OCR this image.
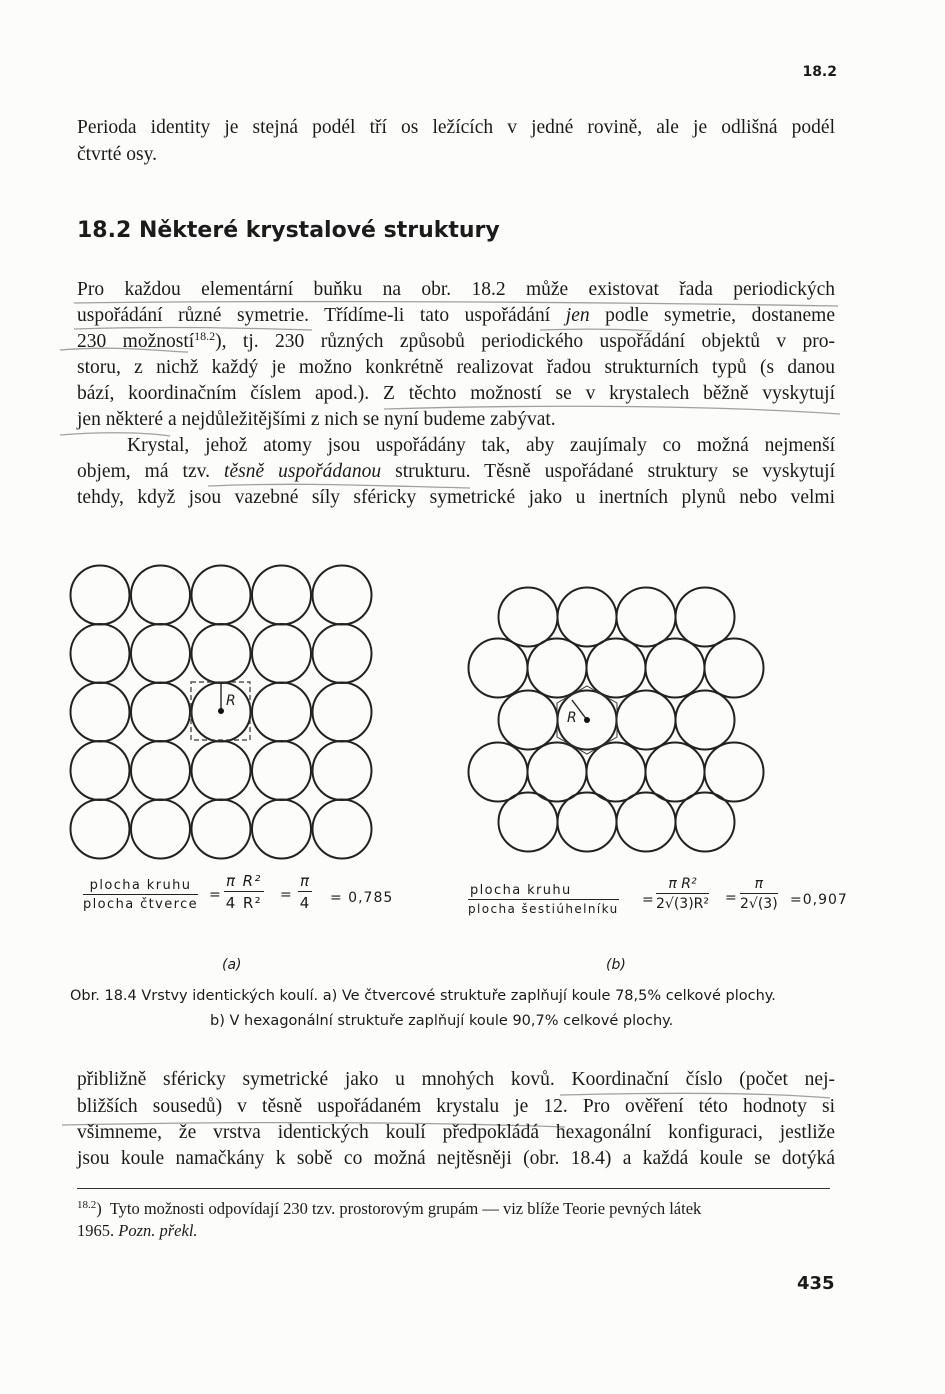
18.2
Perioda identity je stejná podél tří os ležících v jedné rovině, ale je odlišná podél
čtvrté osy.
18.2 Některé krystalové struktury
Pro každou elementární buňku na obr. 18.2 může existovat řada periodických
uspořádání různé symetrie. Třídíme-li tato uspořádání jen podle symetrie, dostaneme
230 možností$^{18.2}$), tj. 230 různých způsobů periodického uspořádání objektů v pro-
storu, z nichž každý je možno konkrétně realizovat řadou strukturních typů (s danou
bází, koordinačním číslem apod.). Z těchto možností se v krystalech běžně vyskytují
jen některé a nejdůležitějšími z nich se nyní budeme zabývat.
Krystal, jehož atomy jsou uspořádány tak, aby zaujímaly co možná nejmenší
objem, má tzv. těsně uspořádanou strukturu. Těsně uspořádané struktury se vyskytují
tehdy, když jsou vazebné síly sféricky symetrické jako u inertních plynů nebo velmi
R
R
plocha kruhu
plocha čtverce
= $\frac{\text{π R²}}{\text{4 R²}} = \frac{\pi}{4} = 0,785$
(a)
plocha kruhu
plocha šestiúhelníku
= $\frac{\text{π R²}}{\text{2√(3)R²}} = \frac{\pi}{2√(3)} =0,907$
(b)
Obr. 18.4 Vrstvy identických koulí. a) Ve čtvercové struktuře zaplňují koule 78,5% celkové plochy.
b) V hexagonální struktuře zaplňují koule 90,7% celkové plochy.
přibližně sféricky symetrické jako u mnohých kovů. Koordinační číslo (počet nej-
bližších sousedů) v těsně uspořádaném krystalu je 12. Pro ověření této hodnoty si
všimneme, že vrstva identických koulí předpokládá hexagonální konfiguraci, jestliže
jsou koule namačkány k sobě co možná nejtěsněji (obr. 18.4) a každá koule se dotýká
$^{18.2}$)  Tyto možnosti odpovídají 230 tzv. prostorovým grupám — viz blíže Teorie pevných látek
1965. Pozn. překl.
435
